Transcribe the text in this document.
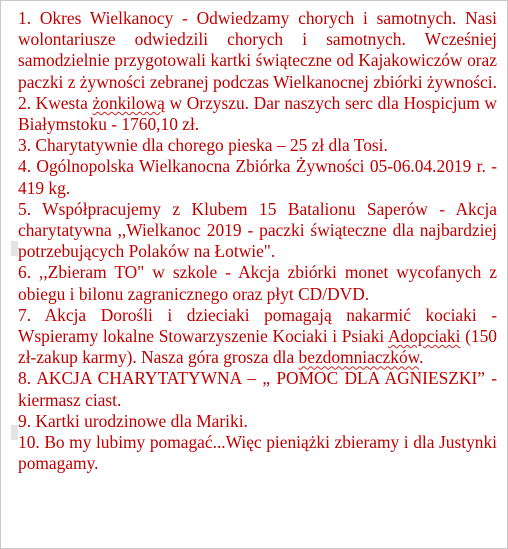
1. Okres Wielkanocy - Odwiedzamy chorych i samotnych. Nasi wolontariusze odwiedzili chorych i samotnych. Wcześniej samodzielnie przygotowali kartki świąteczne od Kajakowiczów oraz paczki z żywności zebranej podczas Wielkanocnej zbiórki żywności.

2. Kwesta żonkilową w Orzyszu. Dar naszych serc dla Hospicjum w Białymstoku - 1760,10 zł.

3. Charytatywnie dla chorego pieska – 25 zł dla Tosi.

4. Ogólnopolska Wielkanocna Zbiórka Żywności 05-06.04.2019 r. - 419 kg.

5. Współpracujemy z Klubem 15 Batalionu Saperów - Akcja charytatywna ,,Wielkanoc 2019 - paczki świąteczne dla najbardziej potrzebujących Polaków na Łotwie".

6. ,,Zbieram TO" w szkole - Akcja zbiórki monet wycofanych z obiegu i bilonu zagranicznego oraz płyt CD/DVD.

7. Akcja Dorośli i dzieciaki pomagają nakarmić kociaki - Wspieramy lokalne Stowarzyszenie Kociaki i Psiaki Adopciaki (150 zł-zakup karmy). Nasza góra grosza dla bezdomniaczków.

8. AKCJA CHARYTATYWNA – „ POMOC DLA AGNIESZKI” - kiermasz ciast.

9. Kartki urodzinowe dla Mariki.

10. Bo my lubimy pomagać...Więc pieniążki zbieramy i dla Justynki pomagamy.
